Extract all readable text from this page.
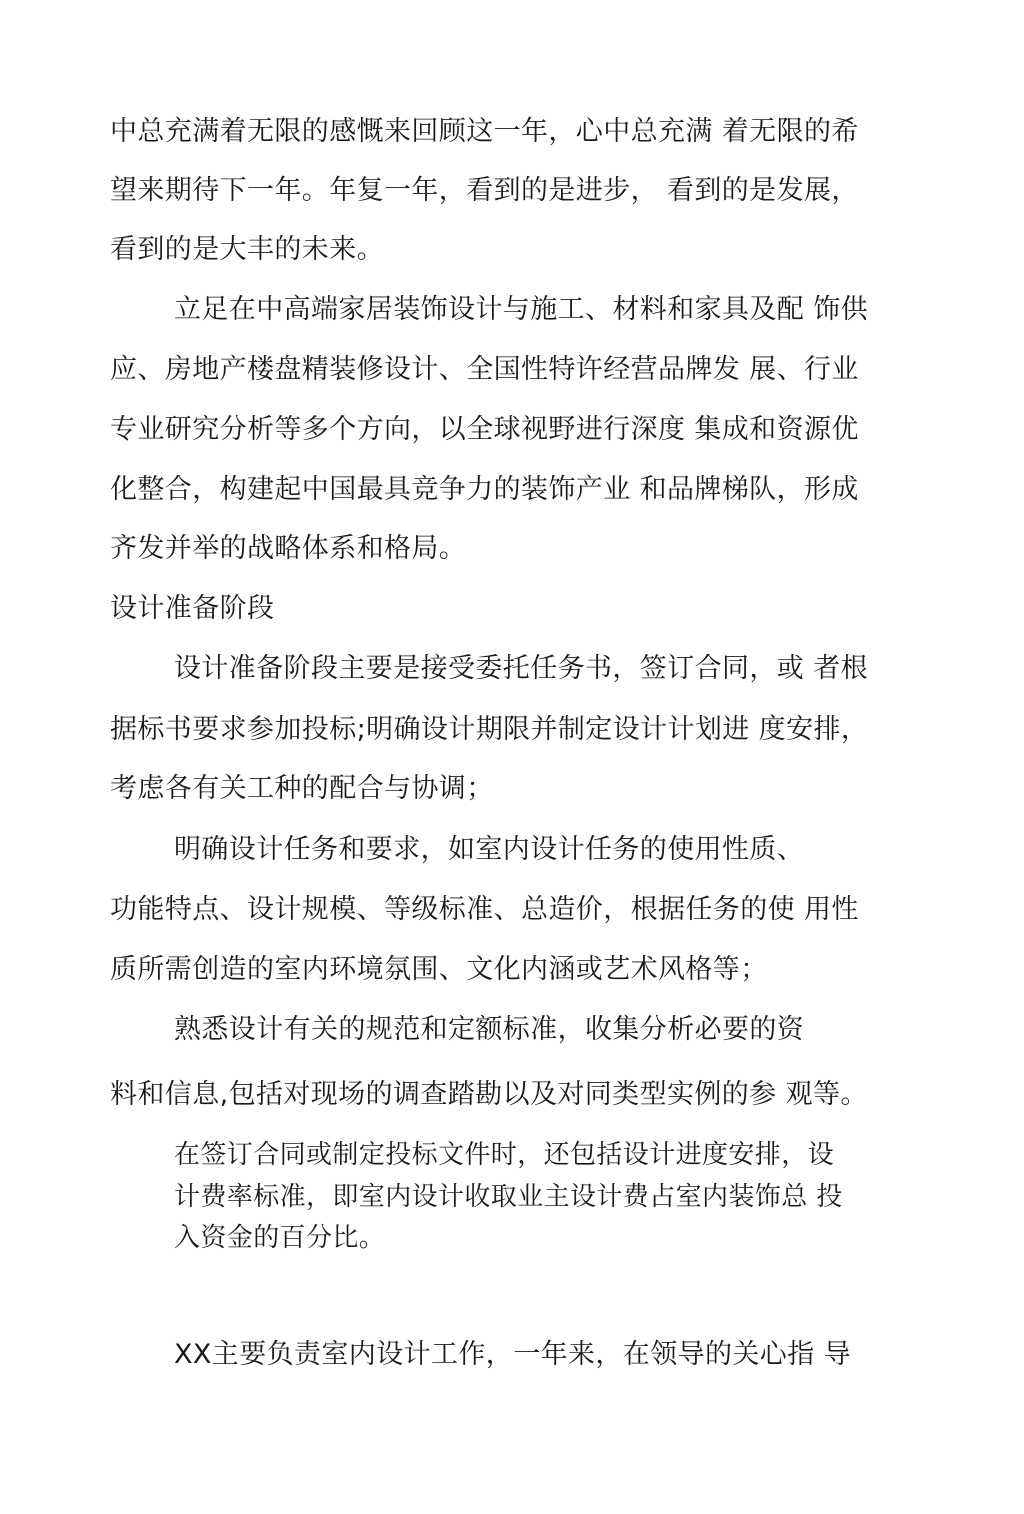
中总充满着无限的感慨来回顾这一年，心中总充满 着无限的希
望来期待下一年。年复一年，看到的是进步， 看到的是发展，
看到的是大丰的未来。
立足在中高端家居装饰设计与施工、材料和家具及配 饰供
应、房地产楼盘精装修设计、全国性特许经营品牌发 展、行业
专业研究分析等多个方向，以全球视野进行深度 集成和资源优
化整合，构建起中国最具竞争力的装饰产业 和品牌梯队，形成
齐发并举的战略体系和格局。
设计准备阶段
设计准备阶段主要是接受委托任务书，签订合同，或 者根
据标书要求参加投标;明确设计期限并制定设计计划进 度安排，
考虑各有关工种的配合与协调；
明确设计任务和要求，如室内设计任务的使用性质、
功能特点、设计规模、等级标准、总造价，根据任务的使 用性
质所需创造的室内环境氛围、文化内涵或艺术风格等；
熟悉设计有关的规范和定额标准，收集分析必要的资
料和信息,包括对现场的调查踏勘以及对同类型实例的参 观等。
在签订合同或制定投标文件时，还包括设计进度安排，设
计费率标准，即室内设计收取业主设计费占室内装饰总 投
入资金的百分比。
XX主要负责室内设计工作，一年来，在领导的关心指 导
